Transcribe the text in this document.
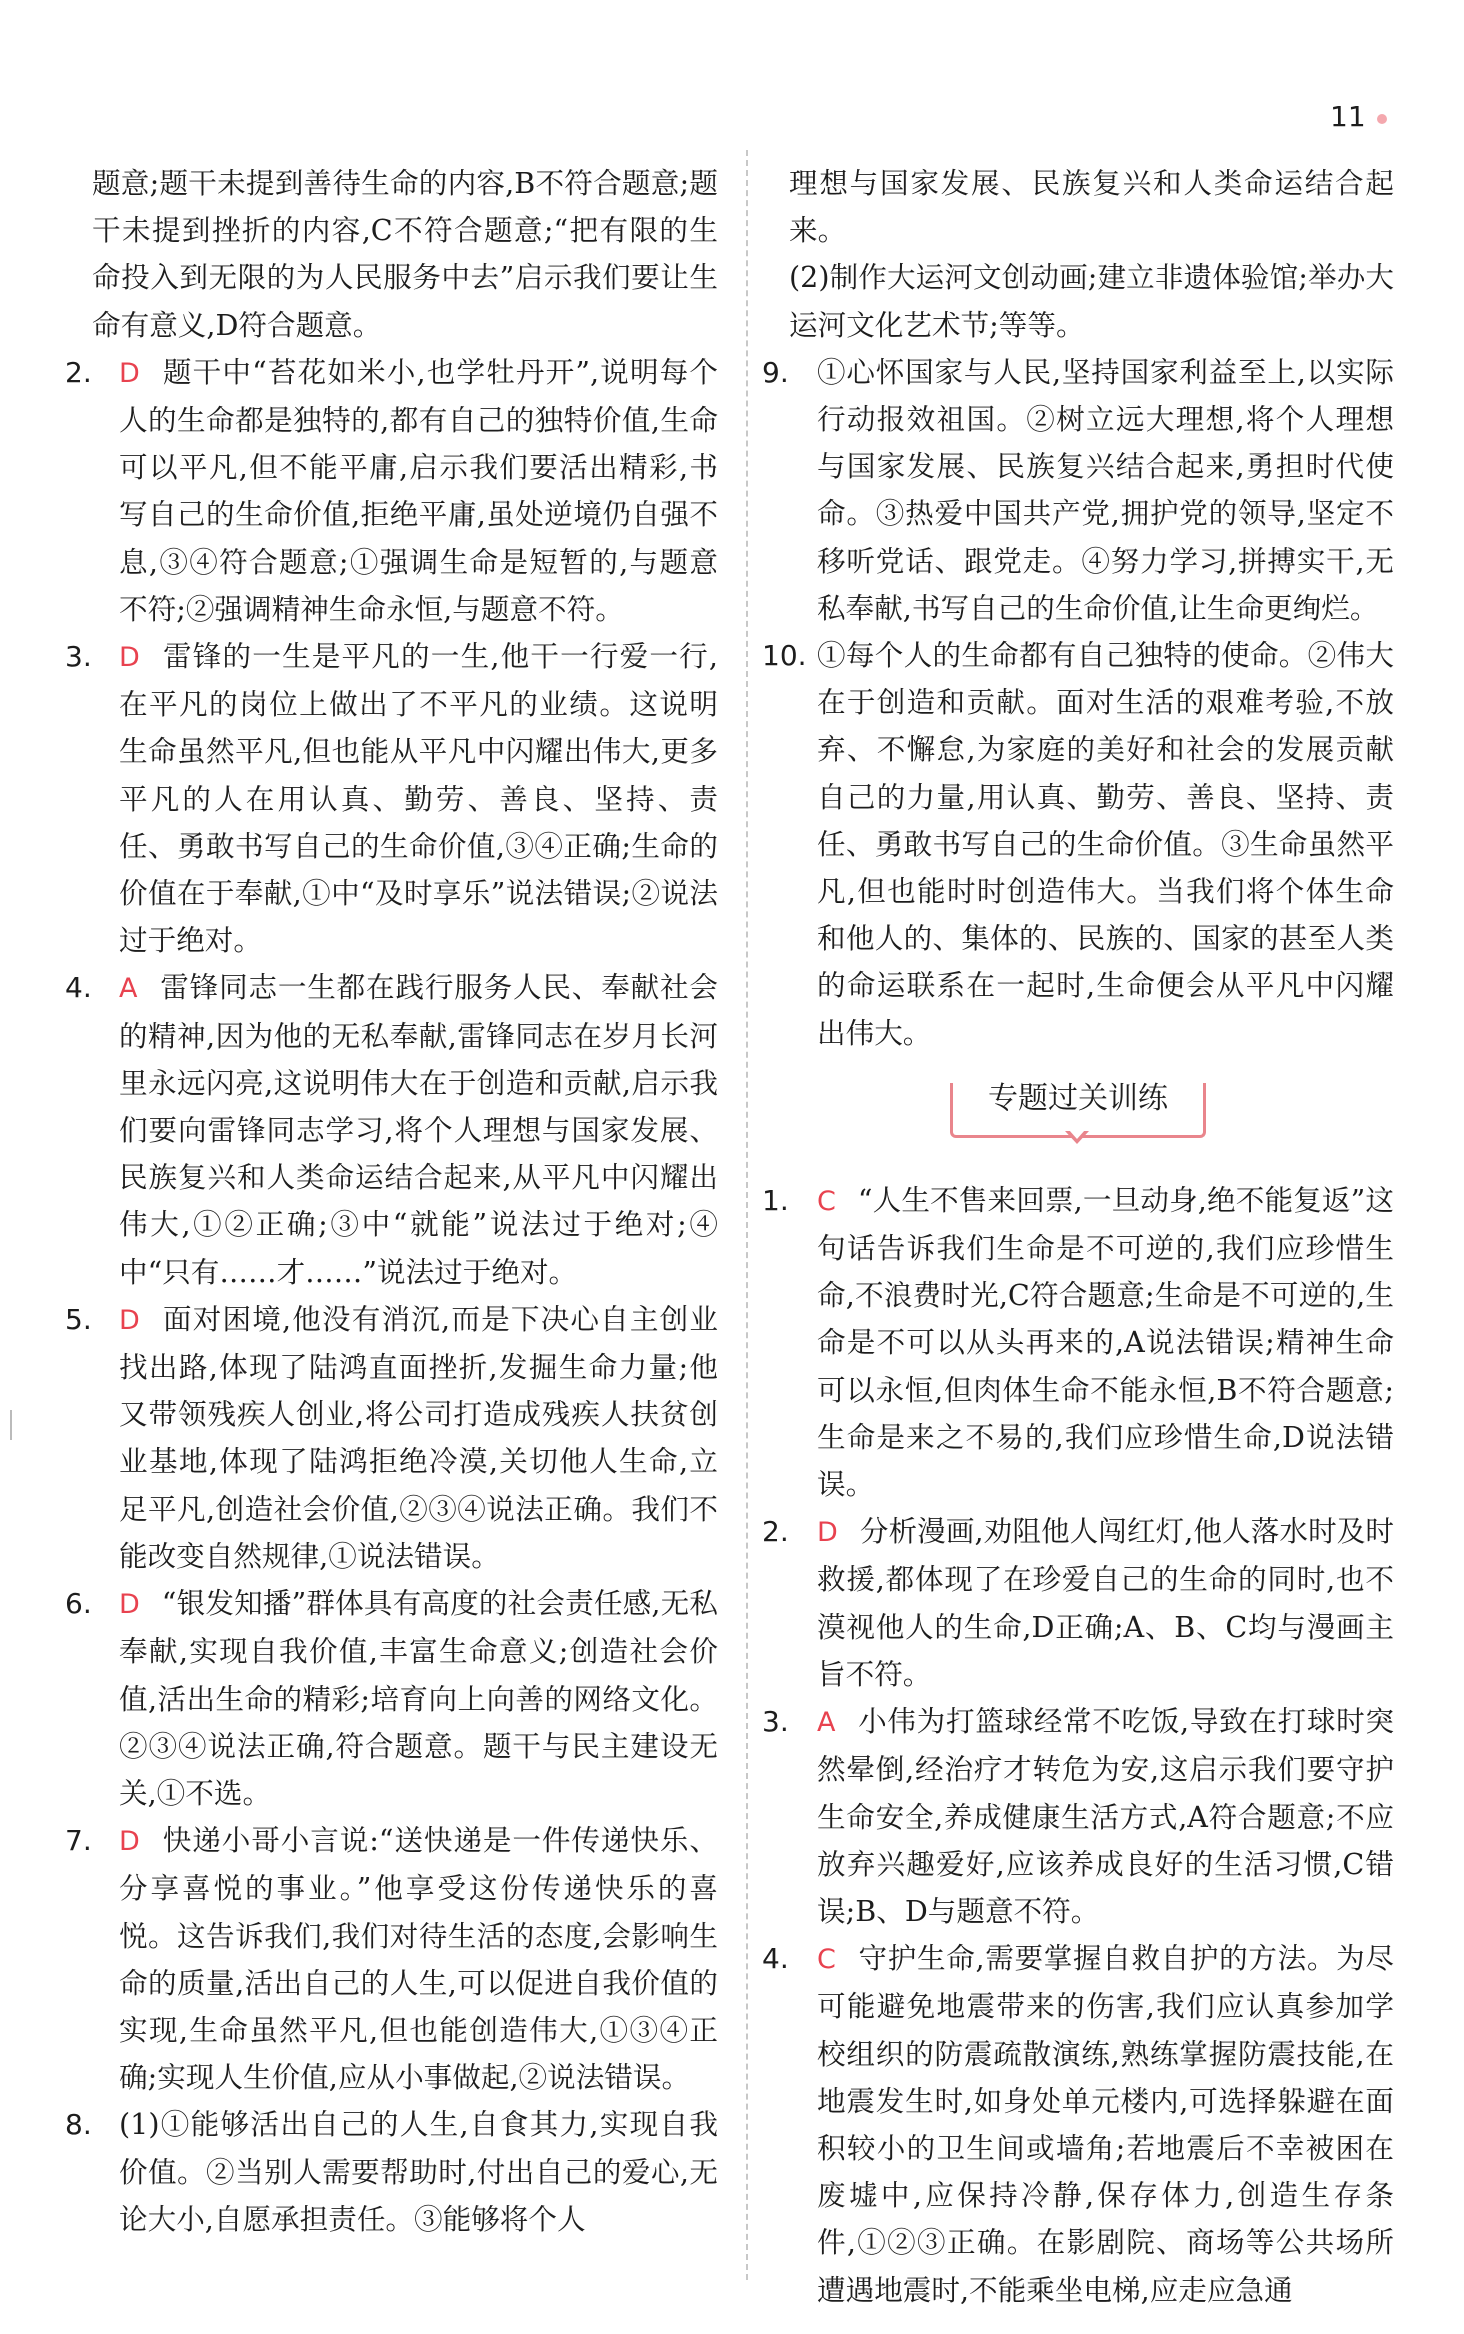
11

题意;题干未提到善待生命的内容,B不符合题意;题干未提到挫折的内容,C不符合题意;“把有限的生命投入到无限的为人民服务中去”启示我们要让生命有意义,D符合题意。

2. D 题干中“苔花如米小,也学牡丹开”,说明每个人的生命都是独特的,都有自己的独特价值,生命可以平凡,但不能平庸,启示我们要活出精彩,书写自己的生命价值,拒绝平庸,虽处逆境仍自强不息,③④符合题意;①强调生命是短暂的,与题意不符;②强调精神生命永恒,与题意不符。
3. D 雷锋的一生是平凡的一生,他干一行爱一行,在平凡的岗位上做出了不平凡的业绩。这说明生命虽然平凡,但也能从平凡中闪耀出伟大,更多平凡的人在用认真、勤劳、善良、坚持、责任、勇敢书写自己的生命价值,③④正确;生命的价值在于奉献,①中“及时享乐”说法错误;②说法过于绝对。
4. A 雷锋同志一生都在践行服务人民、奉献社会的精神,因为他的无私奉献,雷锋同志在岁月长河里永远闪亮,这说明伟大在于创造和贡献,启示我们要向雷锋同志学习,将个人理想与国家发展、民族复兴和人类命运结合起来,从平凡中闪耀出伟大,①②正确;③中“就能”说法过于绝对;④中“只有……才……”说法过于绝对。
5. D 面对困境,他没有消沉,而是下决心自主创业找出路,体现了陆鸿直面挫折,发掘生命力量;他又带领残疾人创业,将公司打造成残疾人扶贫创业基地,体现了陆鸿拒绝冷漠,关切他人生命,立足平凡,创造社会价值,②③④说法正确。我们不能改变自然规律,①说法错误。
6. D “银发知播”群体具有高度的社会责任感,无私奉献,实现自我价值,丰富生命意义;创造社会价值,活出生命的精彩;培育向上向善的网络文化。②③④说法正确,符合题意。题干与民主建设无关,①不选。
7. D 快递小哥小言说:“送快递是一件传递快乐、分享喜悦的事业。”他享受这份传递快乐的喜悦。这告诉我们,我们对待生活的态度,会影响生命的质量,活出自己的人生,可以促进自我价值的实现,生命虽然平凡,但也能创造伟大,①③④正确;实现人生价值,应从小事做起,②说法错误。
8. (1)①能够活出自己的人生,自食其力,实现自我价值。②当别人需要帮助时,付出自己的爱心,无论大小,自愿承担责任。③能够将个人

理想与国家发展、民族复兴和人类命运结合起来。

(2)制作大运河文创动画;建立非遗体验馆;举办大运河文化艺术节;等等。

9. ①心怀国家与人民,坚持国家利益至上,以实际行动报效祖国。②树立远大理想,将个人理想与国家发展、民族复兴结合起来,勇担时代使命。③热爱中国共产党,拥护党的领导,坚定不移听党话、跟党走。④努力学习,拼搏实干,无私奉献,书写自己的生命价值,让生命更绚烂。
10. ①每个人的生命都有自己独特的使命。②伟大在于创造和贡献。面对生活的艰难考验,不放弃、不懈怠,为家庭的美好和社会的发展贡献自己的力量,用认真、勤劳、善良、坚持、责任、勇敢书写自己的生命价值。③生命虽然平凡,但也能时时创造伟大。当我们将个体生命和他人的、集体的、民族的、国家的甚至人类的命运联系在一起时,生命便会从平凡中闪耀出伟大。
专题过关训练
1. C “人生不售来回票,一旦动身,绝不能复返”这句话告诉我们生命是不可逆的,我们应珍惜生命,不浪费时光,C符合题意;生命是不可逆的,生命是不可以从头再来的,A说法错误;精神生命可以永恒,但肉体生命不能永恒,B不符合题意;生命是来之不易的,我们应珍惜生命,D说法错误。
2. D 分析漫画,劝阻他人闯红灯,他人落水时及时救援,都体现了在珍爱自己的生命的同时,也不漠视他人的生命,D正确;A、B、C均与漫画主旨不符。
3. A 小伟为打篮球经常不吃饭,导致在打球时突然晕倒,经治疗才转危为安,这启示我们要守护生命安全,养成健康生活方式,A符合题意;不应放弃兴趣爱好,应该养成良好的生活习惯,C错误;B、D与题意不符。
4. C 守护生命,需要掌握自救自护的方法。为尽可能避免地震带来的伤害,我们应认真参加学校组织的防震疏散演练,熟练掌握防震技能,在地震发生时,如身处单元楼内,可选择躲避在面积较小的卫生间或墙角;若地震后不幸被困在废墟中,应保持冷静,保存体力,创造生存条件,①②③正确。在影剧院、商场等公共场所遭遇地震时,不能乘坐电梯,应走应急通
